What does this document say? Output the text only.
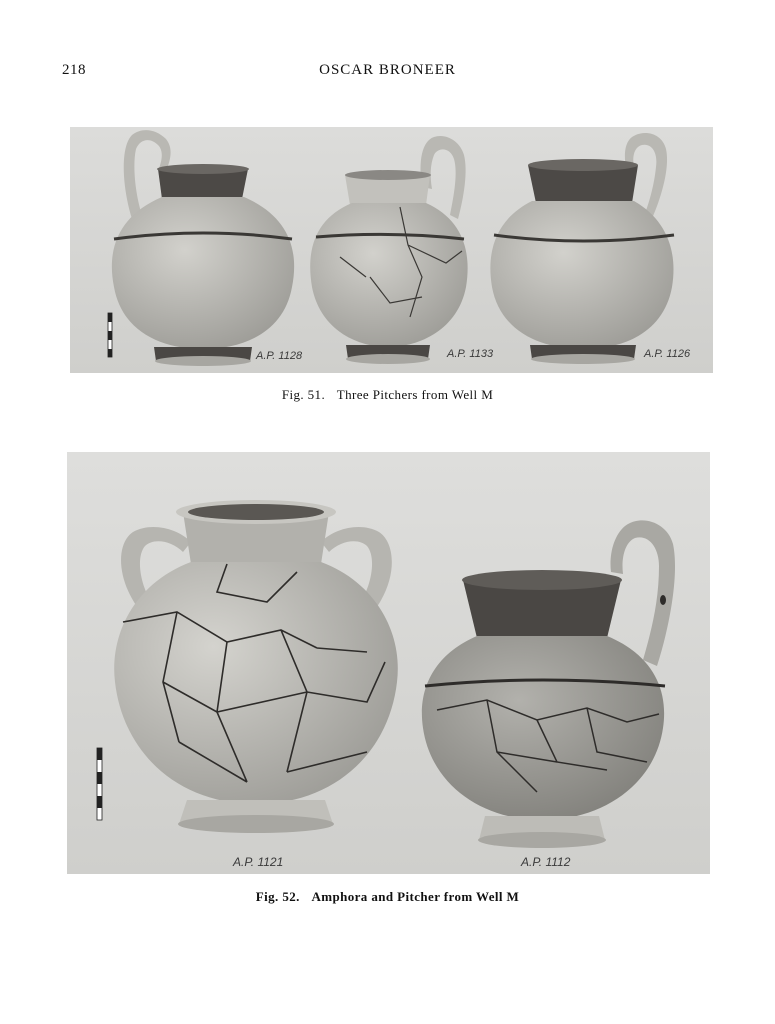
218	OSCAR BRONEER
A.P. 1128	A.P. 1133	A.P. 1126
Fig. 51. Three Pitchers from Well M
A.P. 1121	A.P. 1112
Fig. 52. Amphora and Pitcher from Well M
